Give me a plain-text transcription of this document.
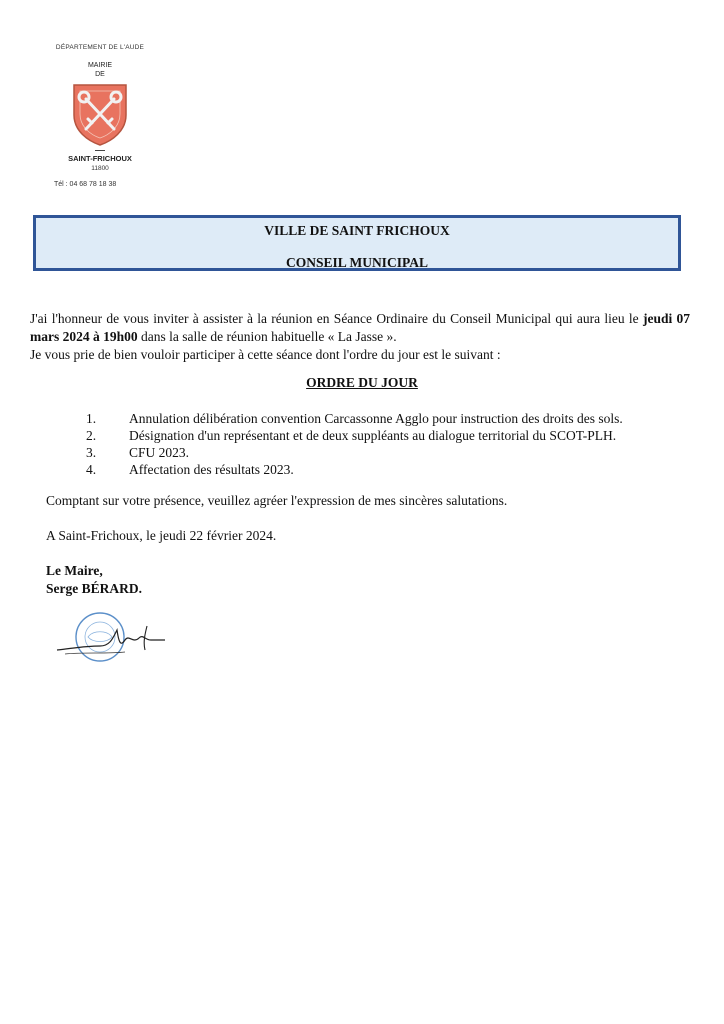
DÉPARTEMENT DE L'AUDE
MAIRIE
DE
SAINT-FRICHOUX
11800
Tél : 04 68 78 18 38
VILLE DE SAINT FRICHOUX
CONSEIL MUNICIPAL
J'ai l'honneur de vous inviter à assister à la réunion en Séance Ordinaire du Conseil Municipal qui aura lieu le jeudi 07 mars 2024 à 19h00 dans la salle de réunion habituelle « La Jasse ».
Je vous prie de bien vouloir participer à cette séance dont l'ordre du jour est le suivant :
ORDRE DU JOUR
1.	Annulation délibération convention Carcassonne Agglo pour instruction des droits des sols.
2.	Désignation d'un représentant et de deux suppléants au dialogue territorial du SCOT-PLH.
3.	CFU 2023.
4.	Affectation des résultats 2023.
Comptant sur votre présence, veuillez agréer l'expression de mes sincères salutations.
A Saint-Frichoux, le jeudi 22 février 2024.
Le Maire,
Serge BÉRARD.
